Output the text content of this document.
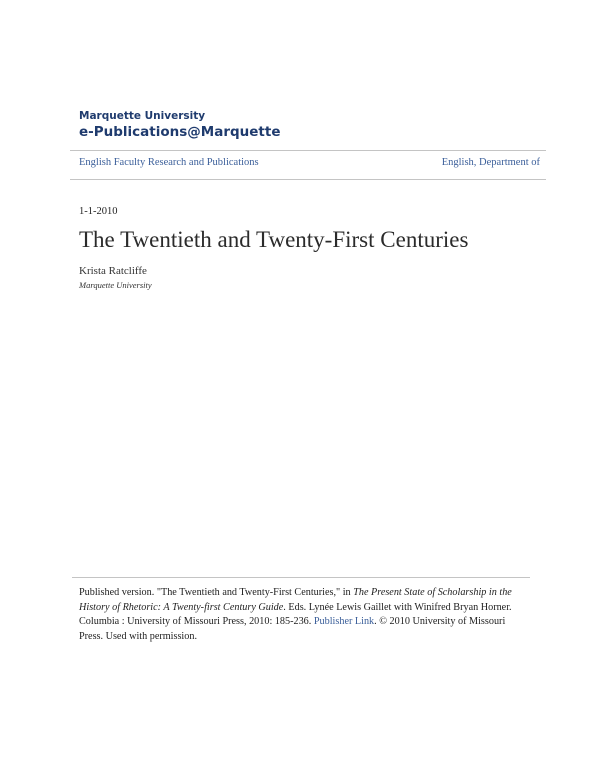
Marquette University
e-Publications@Marquette
English Faculty Research and Publications	English, Department of
1-1-2010
The Twentieth and Twenty-First Centuries
Krista Ratcliffe
Marquette University

Published version. "The Twentieth and Twenty-First Centuries," in The Present State of Scholarship in the History of Rhetoric: A Twenty-first Century Guide. Eds. Lynée Lewis Gaillet with Winifred Bryan Horner. Columbia : University of Missouri Press, 2010: 185-236. Publisher Link. © 2010 University of Missouri Press. Used with permission.
